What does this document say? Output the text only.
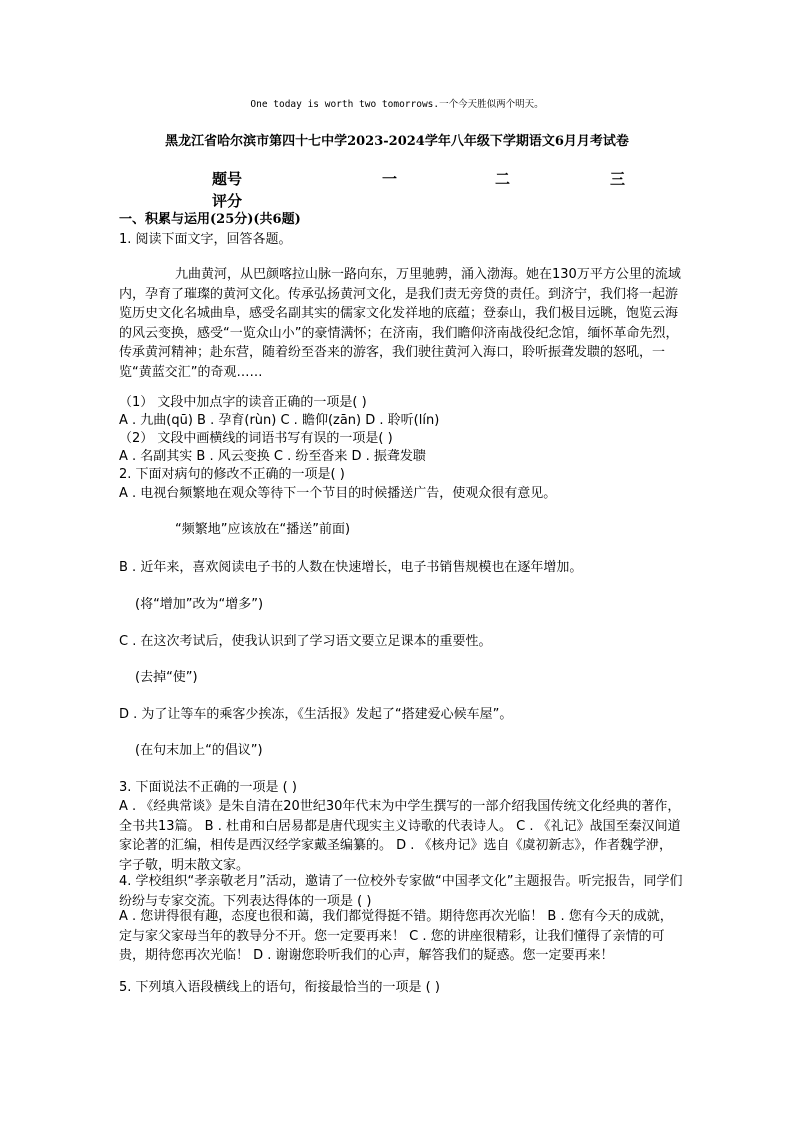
One today is worth two tomorrows.一个今天胜似两个明天。
黑龙江省哈尔滨市第四十七中学2023-2024学年八年级下学期语文6月月考试卷
题号
评分
一	二	三
一、积累与运用(25分)(共6题)
1. 阅读下面文字，回答各题。
九曲黄河，从巴颜喀拉山脉一路向东，万里驰骋，涌入渤海。她在130万平方公里的流域内，孕育了璀璨的黄河文化。传承弘扬黄河文化，是我们责无旁贷的责任。到济宁，我们将一起游览历史文化名城曲阜，感受名副其实的儒家文化发祥地的底蕴；登泰山，我们极目远眺，饱览云海的风云变换，感受“一览众山小”的豪情满怀；在济南，我们瞻仰济南战役纪念馆，缅怀革命先烈，传承黄河精神；赴东营，随着纷至沓来的游客，我们驶往黄河入海口，聆听振聋发聩的怒吼，一览“黄蓝交汇”的奇观……
（1） 文段中加点字的读音正确的一项是( )
A . 九曲(qū) B . 孕育(rùn) C . 瞻仰(zān) D . 聆听(lín)
（2） 文段中画横线的词语书写有误的一项是( )
A . 名副其实 B . 风云变换 C . 纷至沓来 D . 振聋发聩
2. 下面对病句的修改不正确的一项是( )
A . 电视台频繁地在观众等待下一个节目的时候播送广告，使观众很有意见。
“频繁地”应该放在“播送”前面)
B . 近年来，喜欢阅读电子书的人数在快速增长，电子书销售规模也在逐年增加。
(将“增加”改为“增多”)
C . 在这次考试后，使我认识到了学习语文要立足课本的重要性。
(去掉“使”)
D . 为了让等车的乘客少挨冻，《生活报》发起了“搭建爱心候车屋”。
(在句末加上“的倡议”)
3. 下面说法不正确的一项是 ( )
A . 《经典常谈》是朱自清在20世纪30年代末为中学生撰写的一部介绍我国传统文化经典的著作，全书共13篇。 B . 杜甫和白居易都是唐代现实主义诗歌的代表诗人。 C . 《礼记》战国至秦汉间道家论著的汇编，相传是西汉经学家戴圣编纂的。 D . 《核舟记》选自《虞初新志》，作者魏学洢，字子敬，明末散文家。
4. 学校组织“孝亲敬老月”活动，邀请了一位校外专家做“中国孝文化”主题报告。听完报告，同学们纷纷与专家交流。下列表达得体的一项是 ( )
A . 您讲得很有趣，态度也很和蔼，我们都觉得挺不错。期待您再次光临！ B . 您有今天的成就，定与家父家母当年的教导分不开。您一定要再来！ C . 您的讲座很精彩，让我们懂得了亲情的可贵，期待您再次光临！ D . 谢谢您聆听我们的心声，解答我们的疑惑。您一定要再来！
5. 下列填入语段横线上的语句，衔接最恰当的一项是 ( )
